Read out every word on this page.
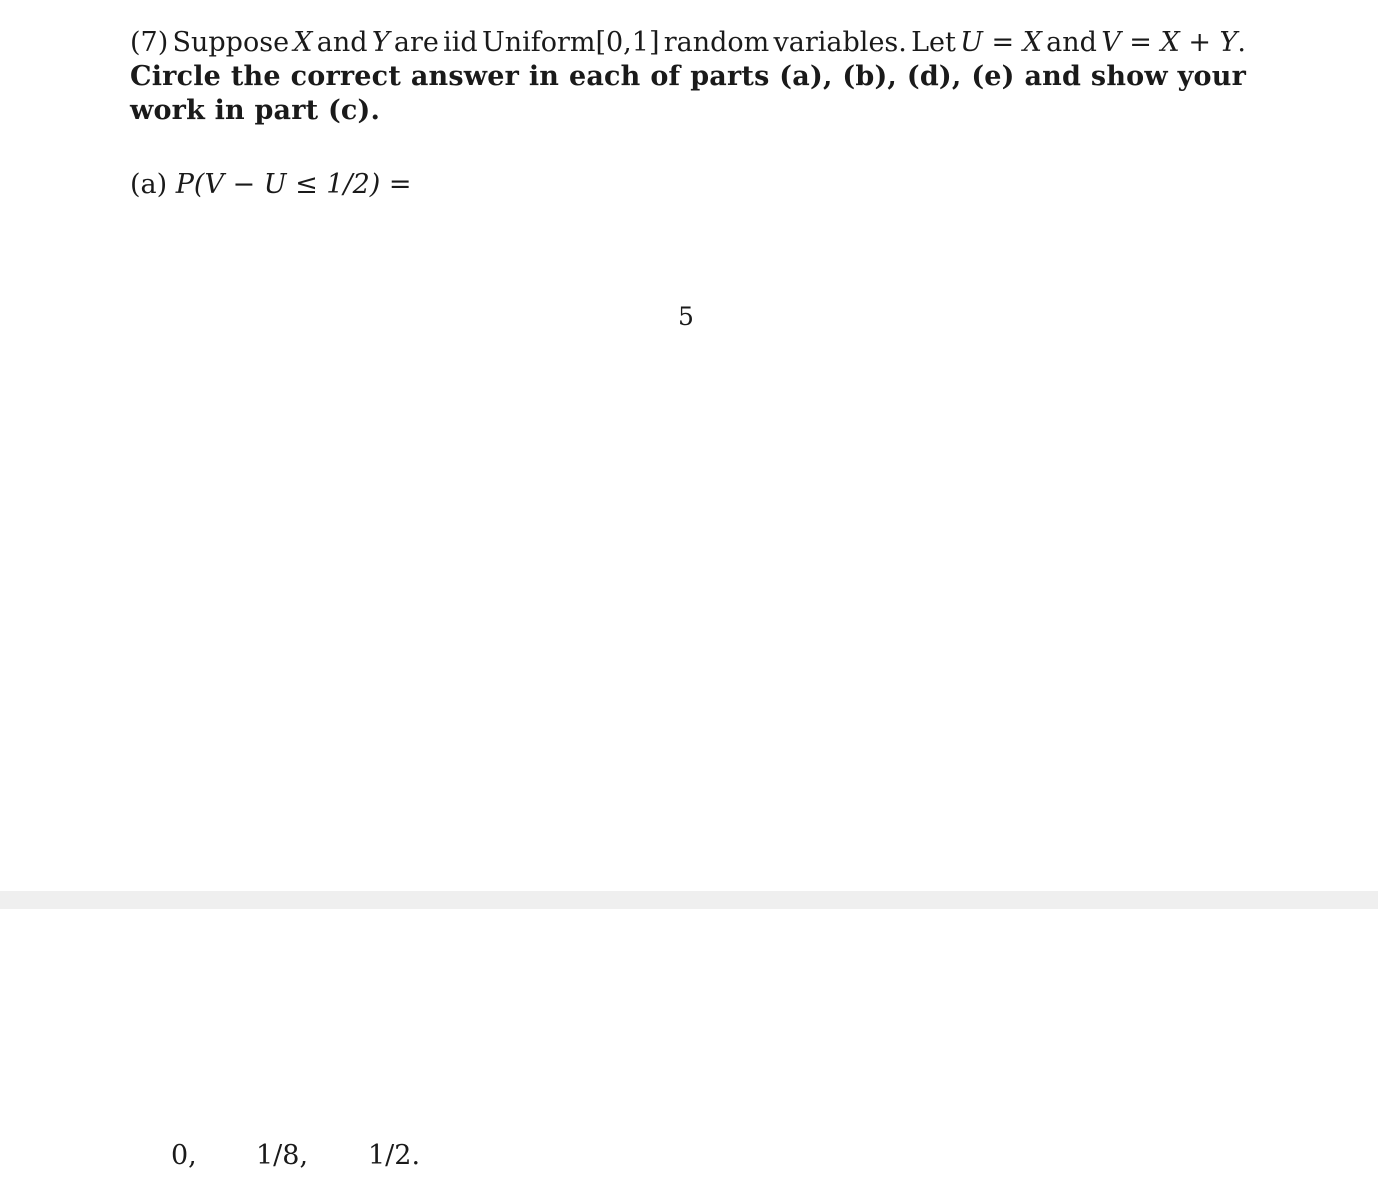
(7) Suppose X and Y are iid Uniform[0,1] random variables. Let U = X and V = X + Y.
Circle the correct answer in each of parts (a), (b), (d), (e) and show your work in part (c).
(a) P(V − U ≤ 1/2) =
5
0, 1/8, 1/2.
